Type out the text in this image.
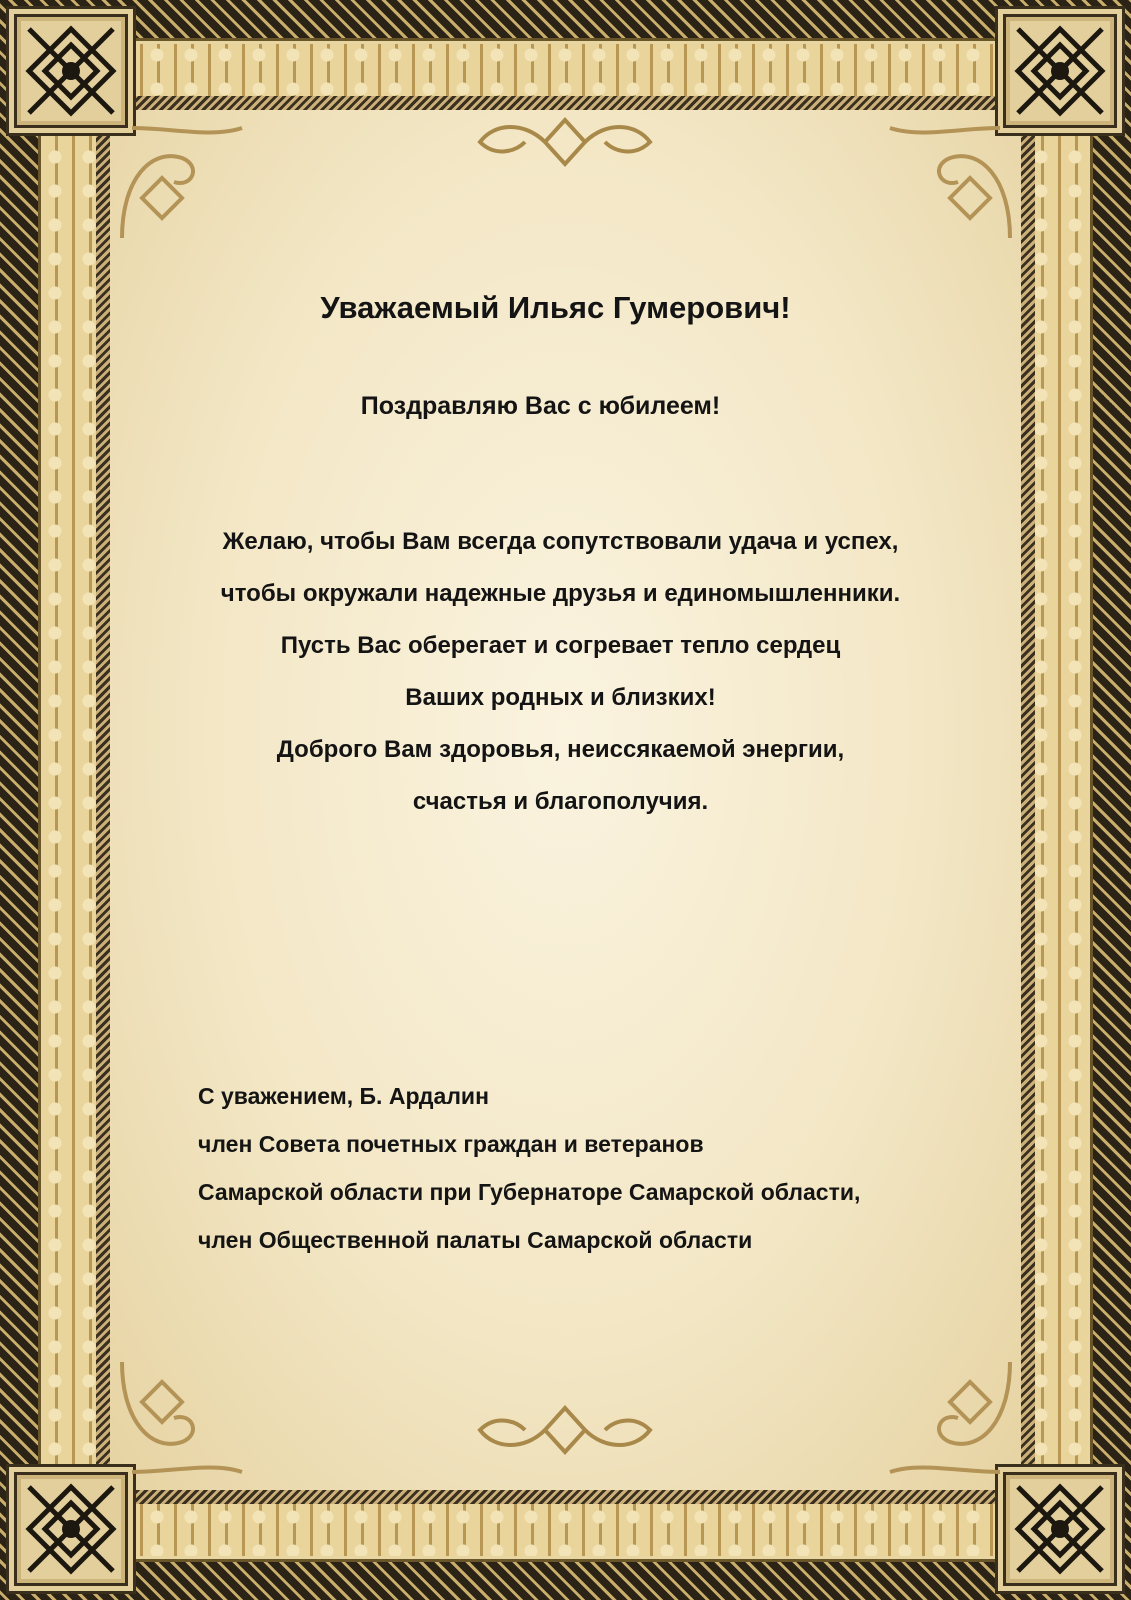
Уважаемый Ильяс Гумерович!
Поздравляю Вас с юбилеем!
Желаю, чтобы Вам всегда сопутствовали удача и успех,
чтобы окружали надежные друзья и единомышленники.
Пусть Вас оберегает и согревает тепло сердец
Ваших родных и близких!
Доброго Вам здоровья, неиссякаемой энергии,
счастья и благополучия.
С уважением, Б. Ардалин
член Совета почетных граждан и ветеранов
Самарской области при Губернаторе Самарской области,
член Общественной палаты Самарской области
